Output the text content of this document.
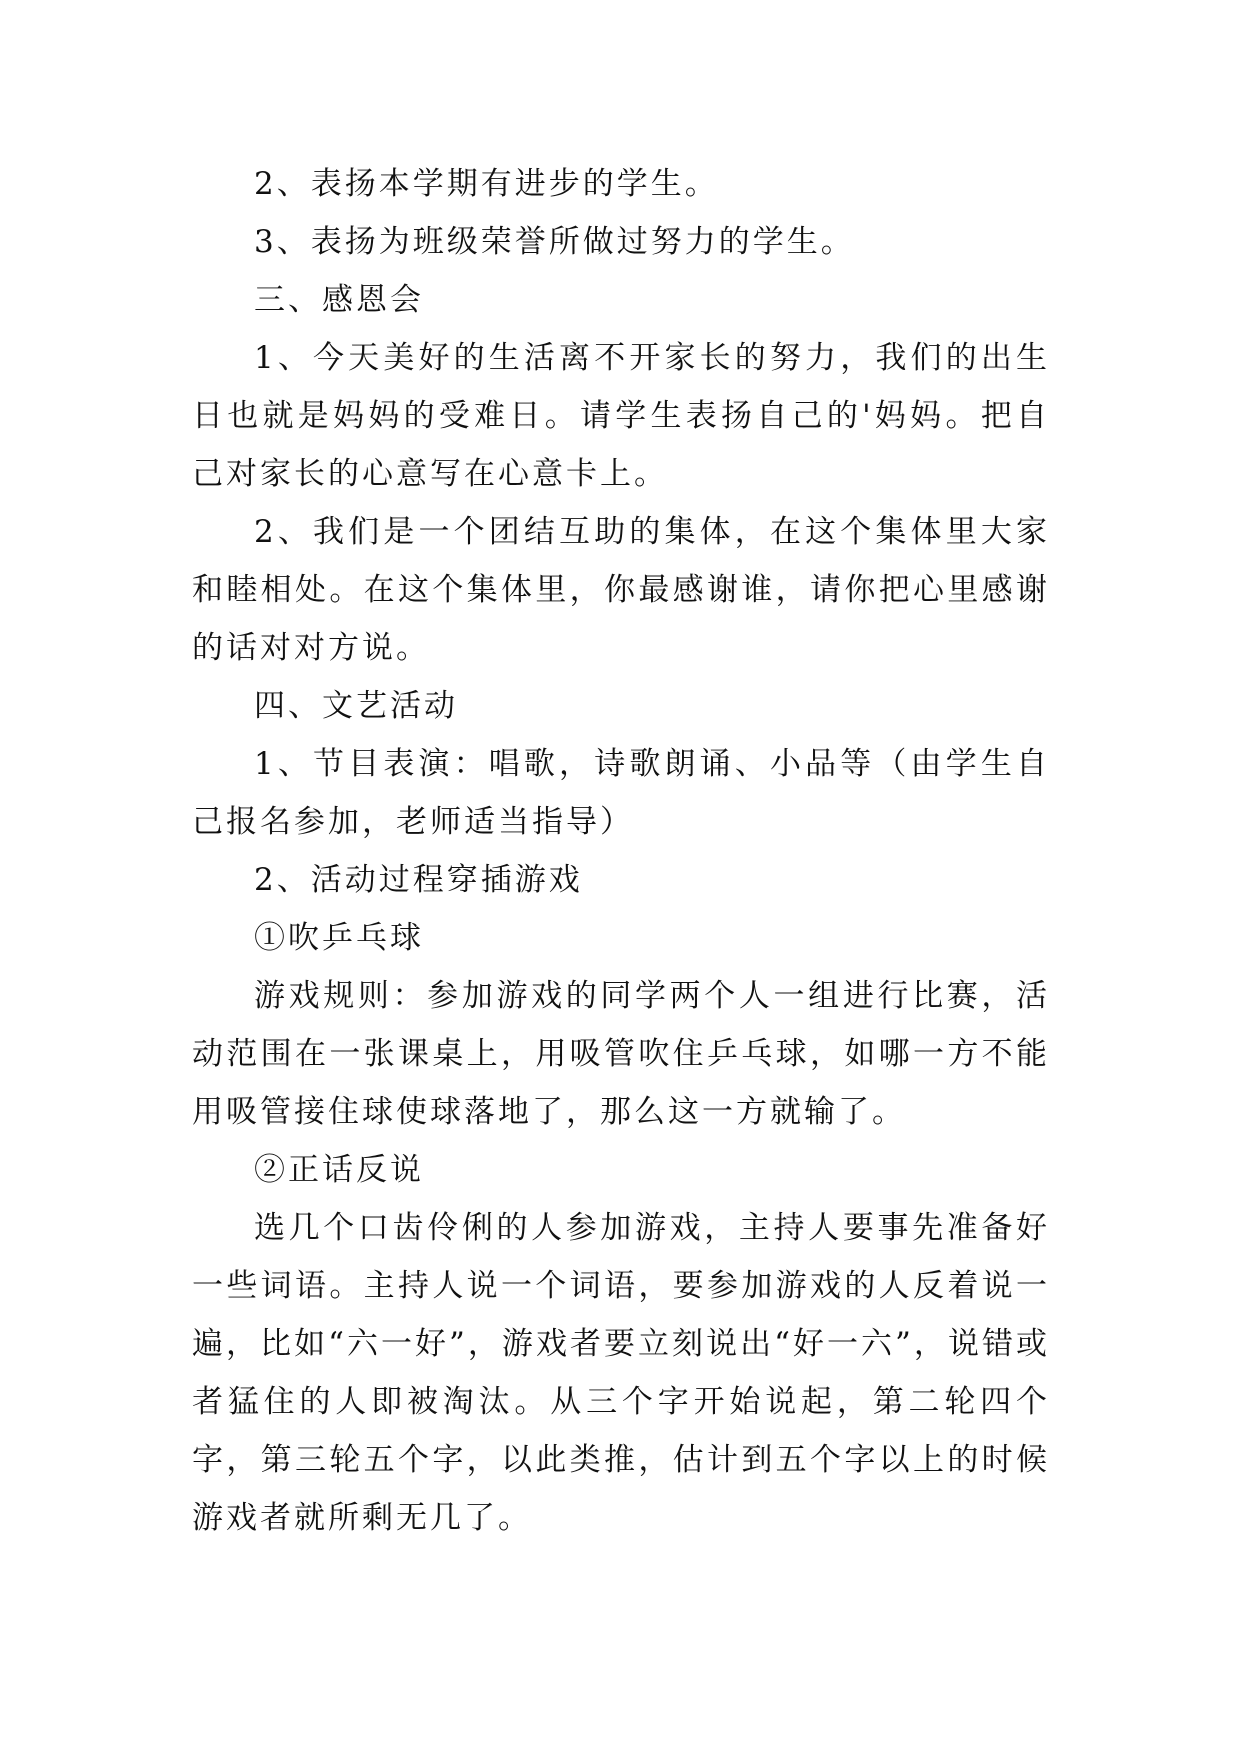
2、表扬本学期有进步的学生。

3、表扬为班级荣誉所做过努力的学生。

三、感恩会

1、今天美好的生活离不开家长的努力，我们的出生日也就是妈妈的受难日。请学生表扬自己的'妈妈。把自己对家长的心意写在心意卡上。

2、我们是一个团结互助的集体，在这个集体里大家和睦相处。在这个集体里，你最感谢谁，请你把心里感谢的话对对方说。

四、文艺活动

1、节目表演：唱歌，诗歌朗诵、小品等（由学生自己报名参加，老师适当指导）

2、活动过程穿插游戏

①吹乒乓球

游戏规则：参加游戏的同学两个人一组进行比赛，活动范围在一张课桌上，用吸管吹住乒乓球，如哪一方不能用吸管接住球使球落地了，那么这一方就输了。

②正话反说

选几个口齿伶俐的人参加游戏，主持人要事先准备好一些词语。主持人说一个词语，要参加游戏的人反着说一遍，比如“六一好”，游戏者要立刻说出“好一六”，说错或者猛住的人即被淘汰。从三个字开始说起，第二轮四个字，第三轮五个字，以此类推，估计到五个字以上的时候游戏者就所剩无几了。
